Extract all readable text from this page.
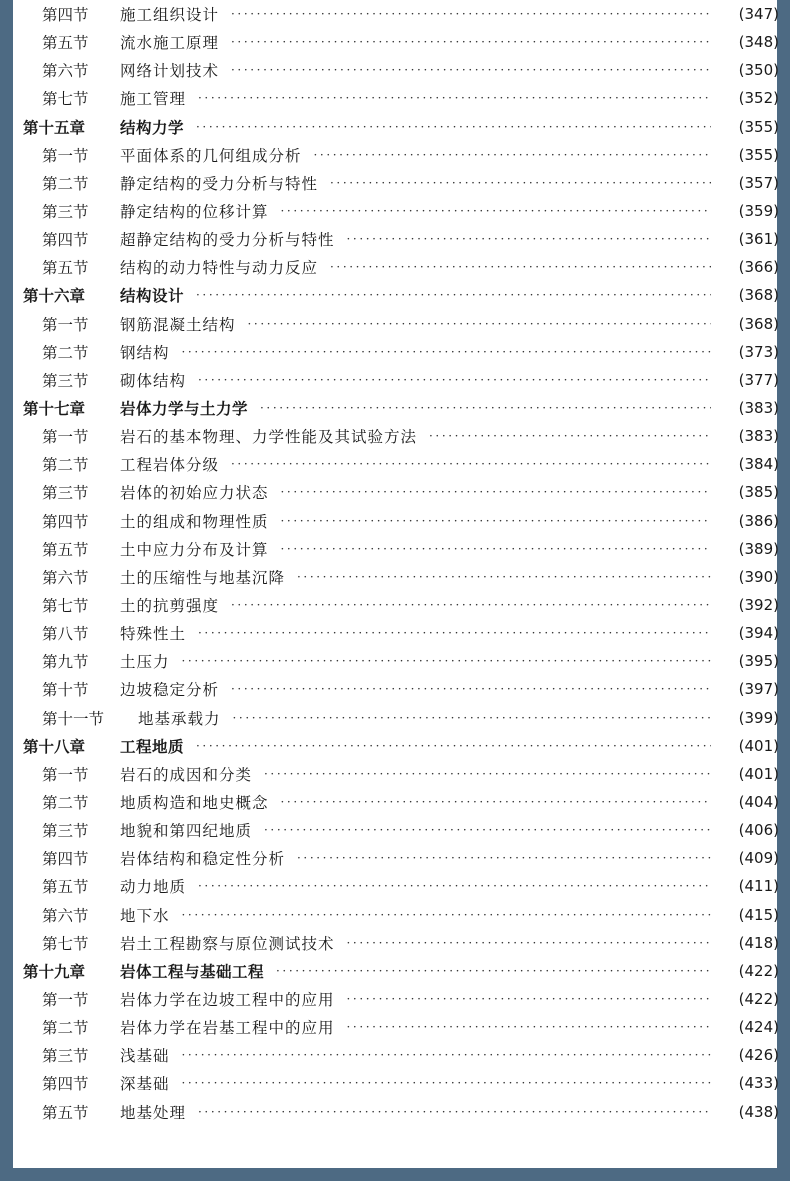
第四节	施工组织设计 ·····	(347)
第五节	流水施工原理 ·····	(348)
第六节	网络计划技术 ·····	(350)
第七节	施工管理 ·····	(352)
第十五章	结构力学 ·····	(355)
第一节	平面体系的几何组成分析 ·····	(355)
第二节	静定结构的受力分析与特性 ·····	(357)
第三节	静定结构的位移计算 ·····	(359)
第四节	超静定结构的受力分析与特性 ·····	(361)
第五节	结构的动力特性与动力反应 ·····	(366)
第十六章	结构设计 ·····	(368)
第一节	钢筋混凝土结构 ·····	(368)
第二节	钢结构 ·····	(373)
第三节	砌体结构 ·····	(377)
第十七章	岩体力学与土力学 ·····	(383)
第一节	岩石的基本物理、力学性能及其试验方法 ·····	(383)
第二节	工程岩体分级 ·····	(384)
第三节	岩体的初始应力状态 ·····	(385)
第四节	土的组成和物理性质 ·····	(386)
第五节	土中应力分布及计算 ·····	(389)
第六节	土的压缩性与地基沉降 ·····	(390)
第七节	土的抗剪强度 ·····	(392)
第八节	特殊性土 ·····	(394)
第九节	土压力 ·····	(395)
第十节	边坡稳定分析 ·····	(397)
第十一节	地基承载力 ·····	(399)
第十八章	工程地质 ·····	(401)
第一节	岩石的成因和分类 ·····	(401)
第二节	地质构造和地史概念 ·····	(404)
第三节	地貌和第四纪地质 ·····	(406)
第四节	岩体结构和稳定性分析 ·····	(409)
第五节	动力地质 ·····	(411)
第六节	地下水 ·····	(415)
第七节	岩土工程勘察与原位测试技术 ·····	(418)
第十九章	岩体工程与基础工程 ·····	(422)
第一节	岩体力学在边坡工程中的应用 ·····	(422)
第二节	岩体力学在岩基工程中的应用 ·····	(424)
第三节	浅基础 ·····	(426)
第四节	深基础 ·····	(433)
第五节	地基处理 ·····	(438)
